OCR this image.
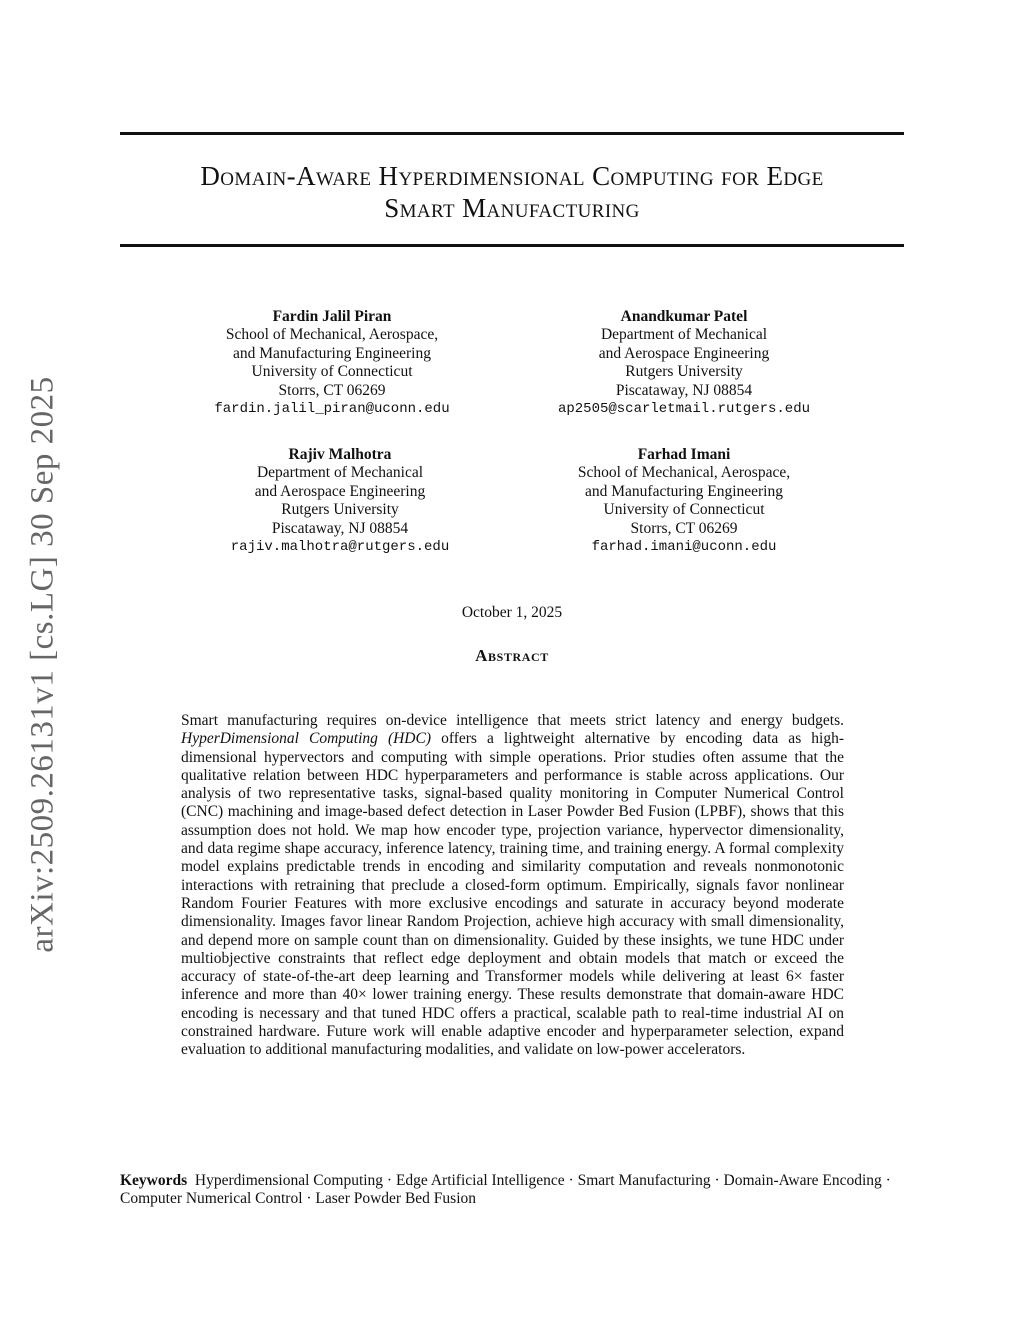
arXiv:2509.26131v1 [cs.LG] 30 Sep 2025
Domain-Aware Hyperdimensional Computing for Edge
Smart Manufacturing
Fardin Jalil Piran
School of Mechanical, Aerospace,
and Manufacturing Engineering
University of Connecticut
Storrs, CT 06269
fardin.jalil_piran@uconn.edu
Anandkumar Patel
Department of Mechanical
and Aerospace Engineering
Rutgers University
Piscataway, NJ 08854
ap2505@scarletmail.rutgers.edu
Rajiv Malhotra
Department of Mechanical
and Aerospace Engineering
Rutgers University
Piscataway, NJ 08854
rajiv.malhotra@rutgers.edu
Farhad Imani
School of Mechanical, Aerospace,
and Manufacturing Engineering
University of Connecticut
Storrs, CT 06269
farhad.imani@uconn.edu
October 1, 2025
Abstract

Smart manufacturing requires on-device intelligence that meets strict latency and energy budgets. HyperDimensional Computing (HDC) offers a lightweight alternative by encoding data as high-dimensional hypervectors and computing with simple operations. Prior studies often assume that the qualitative relation between HDC hyperparameters and performance is stable across applications. Our analysis of two representative tasks, signal-based quality monitoring in Computer Numerical Control (CNC) machining and image-based defect detection in Laser Powder Bed Fusion (LPBF), shows that this assumption does not hold. We map how encoder type, projection variance, hypervector dimensionality, and data regime shape accuracy, inference latency, training time, and training energy. A formal complexity model explains predictable trends in encoding and similarity computation and reveals nonmonotonic interactions with retraining that preclude a closed-form optimum. Empirically, signals favor nonlinear Random Fourier Features with more exclusive encodings and saturate in accuracy beyond moderate dimensionality. Images favor linear Random Projection, achieve high accuracy with small dimensionality, and depend more on sample count than on dimensionality. Guided by these insights, we tune HDC under multiobjective constraints that reflect edge deployment and obtain models that match or exceed the accuracy of state-of-the-art deep learning and Transformer models while delivering at least 6× faster inference and more than 40× lower training energy. These results demonstrate that domain-aware HDC encoding is necessary and that tuned HDC offers a practical, scalable path to real-time industrial AI on constrained hardware. Future work will enable adaptive encoder and hyperparameter selection, expand evaluation to additional manufacturing modalities, and validate on low-power accelerators.

Keywords Hyperdimensional Computing · Edge Artificial Intelligence · Smart Manufacturing · Domain-Aware Encoding · Computer Numerical Control · Laser Powder Bed Fusion
